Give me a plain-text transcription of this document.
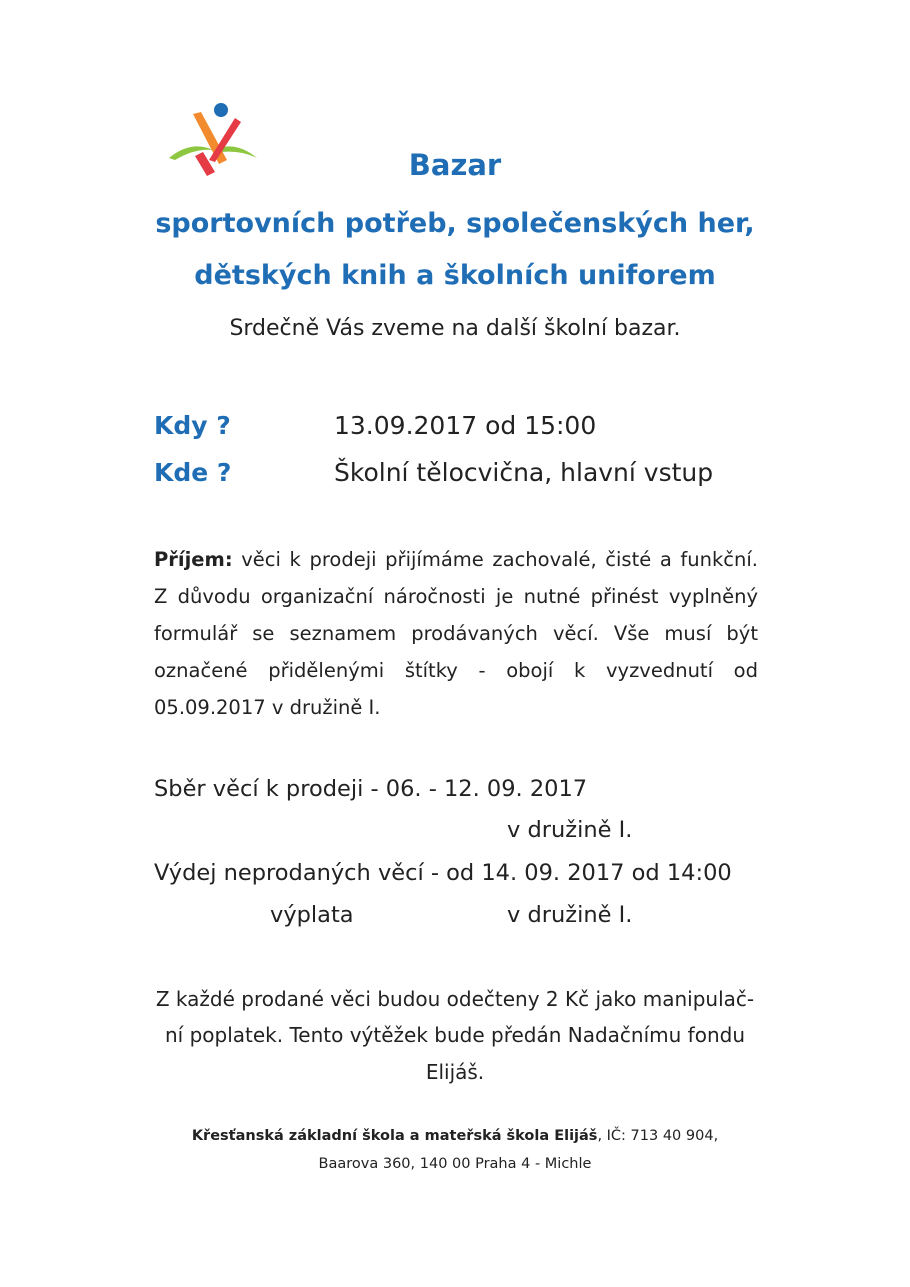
Bazar
sportovních potřeb, společenských her,
dětských knih a školních uniforem
Srdečně Vás zveme na další školní bazar.
Kdy ?	13.09.2017 od 15:00
Kde ?	Školní tělocvična, hlavní vstup
Příjem: věci k prodeji přijímáme zachovalé, čisté a funkční.
Z důvodu organizační náročnosti je nutné přinést vyplněný
formulář se seznamem prodávaných věcí. Vše musí být
označené přidělenými štítky - obojí k vyzvednutí od
05.09.2017 v družině I.
Sběr věcí k prodeji - 06. - 12. 09. 2017
v družině I.
Výdej neprodaných věcí - od 14. 09. 2017 od 14:00
výplata	v družině I.
Z každé prodané věci budou odečteny 2 Kč jako manipulač-
ní poplatek. Tento výtěžek bude předán Nadačnímu fondu
Elijáš.
Křesťanská základní škola a mateřská škola Elijáš, IČ: 713 40 904,
Baarova 360, 140 00 Praha 4 - Michle
